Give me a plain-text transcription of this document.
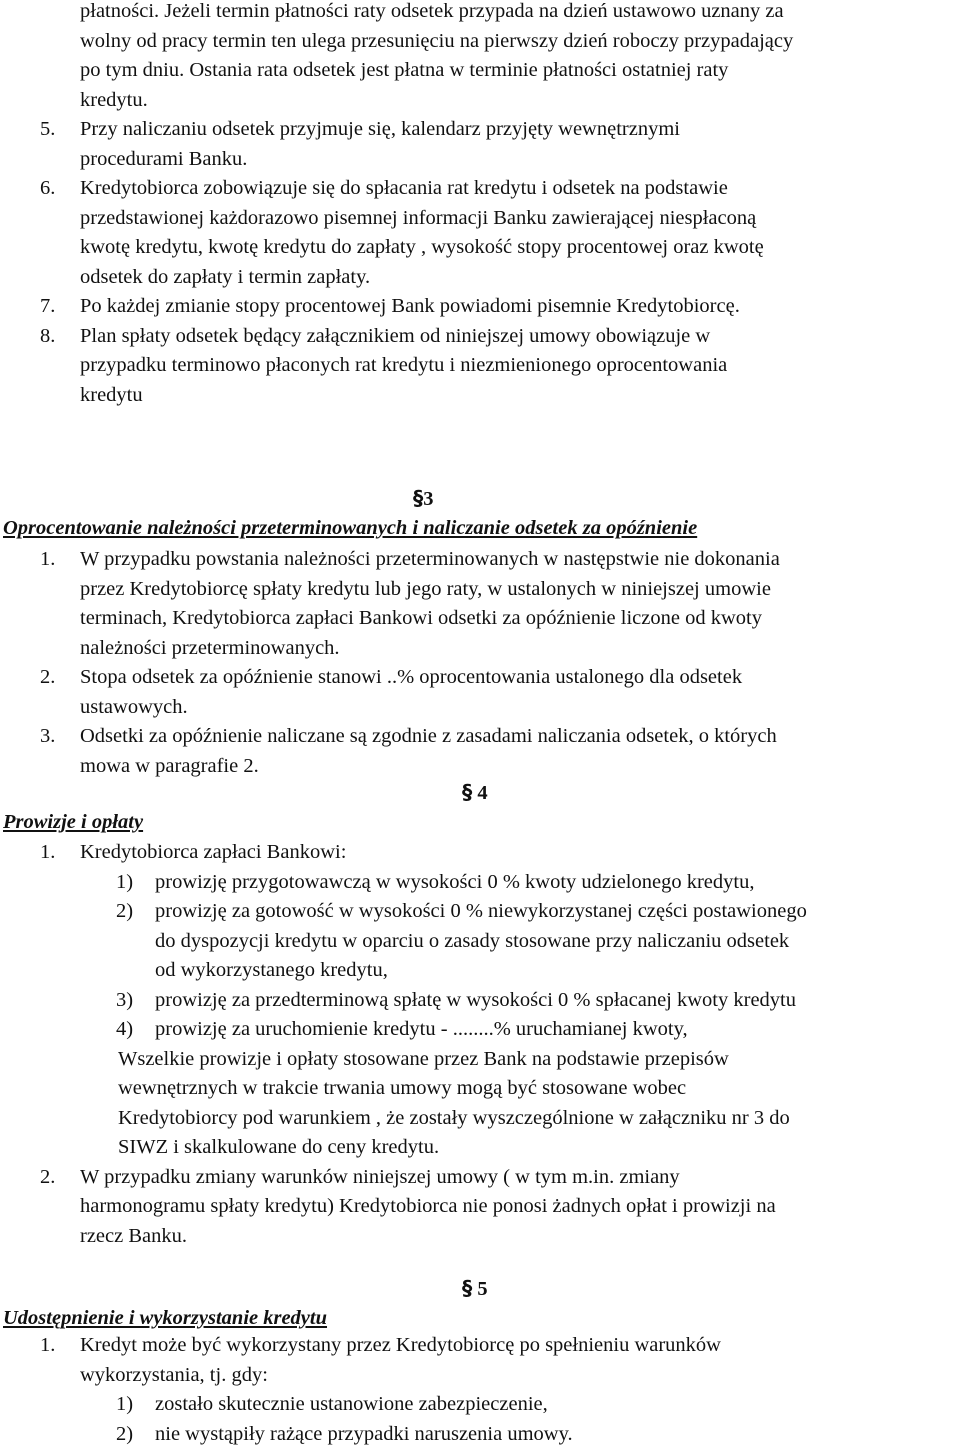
płatności. Jeżeli termin płatności raty odsetek przypada na dzień ustawowo uznany za
wolny od pracy termin ten ulega przesunięciu na pierwszy dzień roboczy przypadający
po tym dniu. Ostania rata odsetek jest płatna w terminie płatności ostatniej raty
kredytu.
5. Przy naliczaniu odsetek przyjmuje się, kalendarz przyjęty wewnętrznymi
procedurami Banku.
6. Kredytobiorca zobowiązuje się do spłacania rat kredytu i odsetek na podstawie
przedstawionej każdorazowo pisemnej informacji Banku zawierającej niespłaconą
kwotę kredytu, kwotę kredytu do zapłaty , wysokość stopy procentowej oraz kwotę
odsetek do zapłaty i termin zapłaty.
7. Po każdej zmianie stopy procentowej Bank powiadomi pisemnie Kredytobiorcę.
8. Plan spłaty odsetek będący załącznikiem od niniejszej umowy obowiązuje w
przypadku terminowo płaconych rat kredytu i niezmienionego oprocentowania
kredytu
§3
Oprocentowanie należności przeterminowanych i naliczanie odsetek za opóźnienie
1. W przypadku powstania należności przeterminowanych w następstwie nie dokonania
przez Kredytobiorcę spłaty kredytu lub jego raty, w ustalonych w niniejszej umowie
terminach, Kredytobiorca zapłaci Bankowi odsetki za opóźnienie liczone od kwoty
należności przeterminowanych.
2. Stopa odsetek za opóźnienie stanowi ..% oprocentowania ustalonego dla odsetek
ustawowych.
3. Odsetki za opóźnienie naliczane są zgodnie z zasadami naliczania odsetek, o których
mowa w paragrafie 2.
§ 4
Prowizje i opłaty
1. Kredytobiorca zapłaci Bankowi:
1) prowizję przygotowawczą w wysokości 0 % kwoty udzielonego kredytu,
2) prowizję za gotowość w wysokości 0 % niewykorzystanej części postawionego
do dyspozycji kredytu w oparciu o zasady stosowane przy naliczaniu odsetek
od wykorzystanego kredytu,
3) prowizję za przedterminową spłatę w wysokości 0 % spłacanej kwoty kredytu
4) prowizję za uruchomienie kredytu - ........% uruchamianej kwoty,
Wszelkie prowizje i opłaty stosowane przez Bank na podstawie przepisów
wewnętrznych w trakcie trwania umowy mogą być stosowane wobec
Kredytobiorcy pod warunkiem , że zostały wyszczególnione w załączniku nr 3 do
SIWZ i skalkulowane do ceny kredytu.
2. W przypadku zmiany warunków niniejszej umowy ( w tym m.in. zmiany
harmonogramu spłaty kredytu) Kredytobiorca nie ponosi żadnych opłat i prowizji na
rzecz Banku.
§ 5
Udostępnienie i wykorzystanie kredytu
1. Kredyt może być wykorzystany przez Kredytobiorcę po spełnieniu warunków
wykorzystania, tj. gdy:
1) zostało skutecznie ustanowione zabezpieczenie,
2) nie wystąpiły rażące przypadki naruszenia umowy.
